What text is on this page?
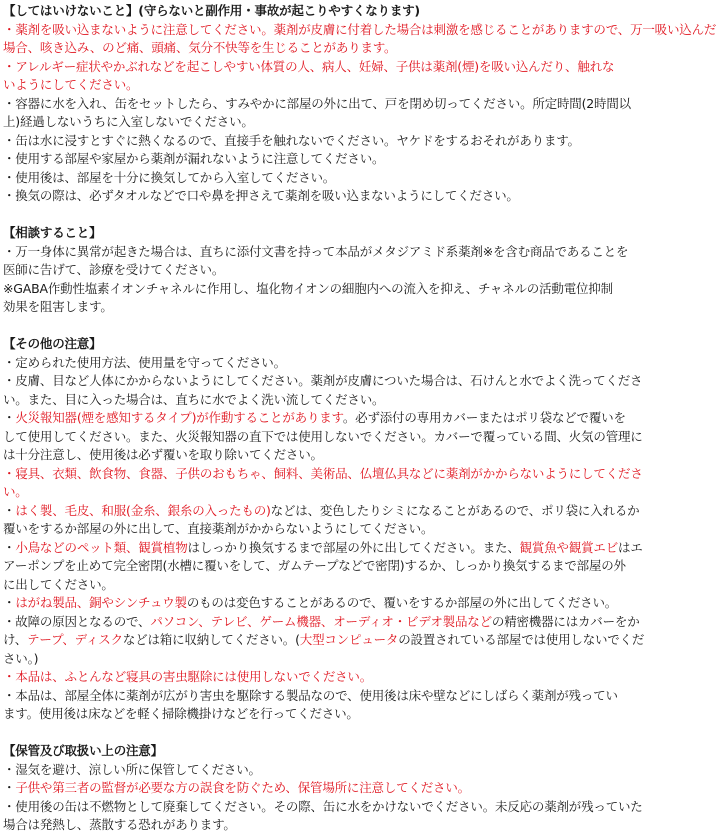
【してはいけないこと】(守らないと副作用・事故が起こりやすくなります)
・薬剤を吸い込まないように注意してください。薬剤が皮膚に付着した場合は刺激を感じることがありますので、万一吸い込んだ
場合、咳き込み、のど痛、頭痛、気分不快等を生じることがあります。
・アレルギー症状やかぶれなどを起こしやすい体質の人、病人、妊婦、子供は薬剤(煙)を吸い込んだり、触れな
いようにしてください。
・容器に水を入れ、缶をセットしたら、すみやかに部屋の外に出て、戸を閉め切ってください。所定時間(2時間以
上)経過しないうちに入室しないでください。
・缶は水に浸すとすぐに熱くなるので、直接手を触れないでください。ヤケドをするおそれがあります。
・使用する部屋や家屋から薬剤が漏れないように注意してください。
・使用後は、部屋を十分に換気してから入室してください。
・換気の際は、必ずタオルなどで口や鼻を押さえて薬剤を吸い込まないようにしてください。
【相談すること】
・万一身体に異常が起きた場合は、直ちに添付文書を持って本品がメタジアミド系薬剤※を含む商品であることを
医師に告げて、診療を受けてください。
※GABA作動性塩素イオンチャネルに作用し、塩化物イオンの細胞内への流入を抑え、チャネルの活動電位抑制
効果を阻害します。
【その他の注意】
・定められた使用方法、使用量を守ってください。
・皮膚、目など人体にかからないようにしてください。薬剤が皮膚についた場合は、石けんと水でよく洗ってくださ
い。また、目に入った場合は、直ちに水でよく洗い流してください。
・火災報知器(煙を感知するタイプ)が作動することがあります。必ず添付の専用カバーまたはポリ袋などで覆いを
して使用してください。また、火災報知器の直下では使用しないでください。カバーで覆っている間、火気の管理に
は十分注意し、使用後は必ず覆いを取り除いてください。
・寝具、衣類、飲食物、食器、子供のおもちゃ、飼料、美術品、仏壇仏具などに薬剤がかからないようにしてくださ
い。
・はく製、毛皮、和服(金糸、銀糸の入ったもの)などは、変色したりシミになることがあるので、ポリ袋に入れるか
覆いをするか部屋の外に出して、直接薬剤がかからないようにしてください。
・小鳥などのペット類、観賞植物はしっかり換気するまで部屋の外に出してください。また、観賞魚や観賞エビはエ
アーポンプを止めて完全密閉(水槽に覆いをして、ガムテープなどで密閉)するか、しっかり換気するまで部屋の外
に出してください。
・はがね製品、銅やシンチュウ製のものは変色することがあるので、覆いをするか部屋の外に出してください。
・故障の原因となるので、パソコン、テレビ、ゲーム機器、オーディオ・ビデオ製品などの精密機器にはカバーをか
け、テープ、ディスクなどは箱に収納してください。(大型コンピュータの設置されている部屋では使用しないでくだ
さい。)
・本品は、ふとんなど寝具の害虫駆除には使用しないでください。
・本品は、部屋全体に薬剤が広がり害虫を駆除する製品なので、使用後は床や壁などにしばらく薬剤が残ってい
ます。使用後は床などを軽く掃除機掛けなどを行ってください。
【保管及び取扱い上の注意】
・湿気を避け、涼しい所に保管してください。
・子供や第三者の監督が必要な方の誤食を防ぐため、保管場所に注意してください。
・使用後の缶は不燃物として廃棄してください。その際、缶に水をかけないでください。未反応の薬剤が残っていた
場合は発熱し、蒸散する恐れがあります。
